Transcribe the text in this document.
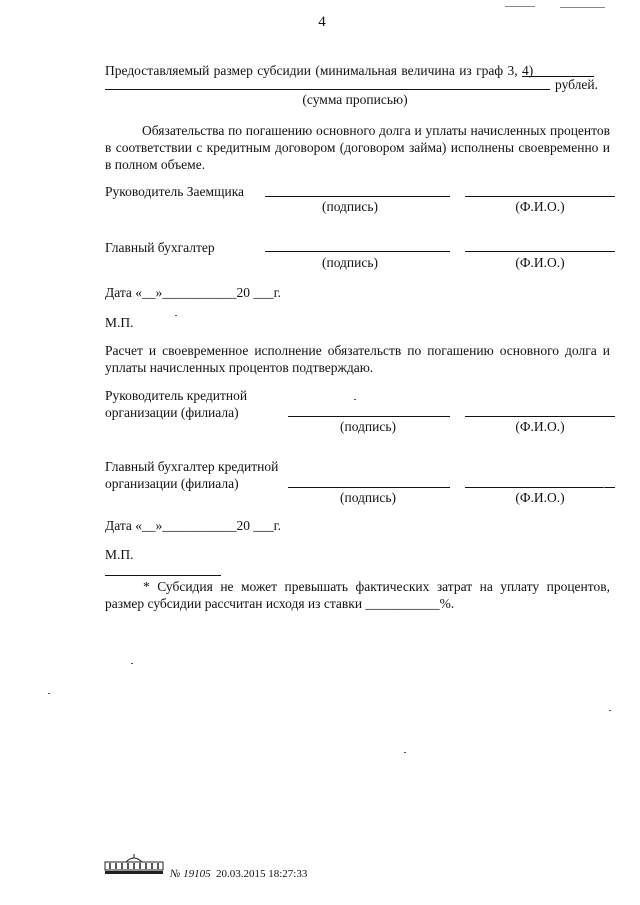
4
Предоставляемый размер субсидии (минимальная величина из граф 3, 4)
рублей.
(сумма прописью)
Обязательства по погашению основного долга и уплаты начисленных процентов в соответствии с кредитным договором (договором займа) исполнены своевременно и в полном объеме.
Руководитель Заемщика
(подпись)	(Ф.И.О.)
Главный бухгалтер
(подпись)	(Ф.И.О.)
Дата «__»___________20 ___г.
М.П.
Расчет и своевременное исполнение обязательств по погашению основного долга и уплаты начисленных процентов подтверждаю.
Руководитель кредитной
организации (филиала)
(подпись)	(Ф.И.О.)
Главный бухгалтер кредитной
организации (филиала)
(подпись)	(Ф.И.О.)
Дата «__»___________20 ___г.
М.П.
* Субсидия не может превышать фактических затрат на уплату процентов, размер субсидии рассчитан исходя из ставки ___________%.
№ 19105 20.03.2015 18:27:33
